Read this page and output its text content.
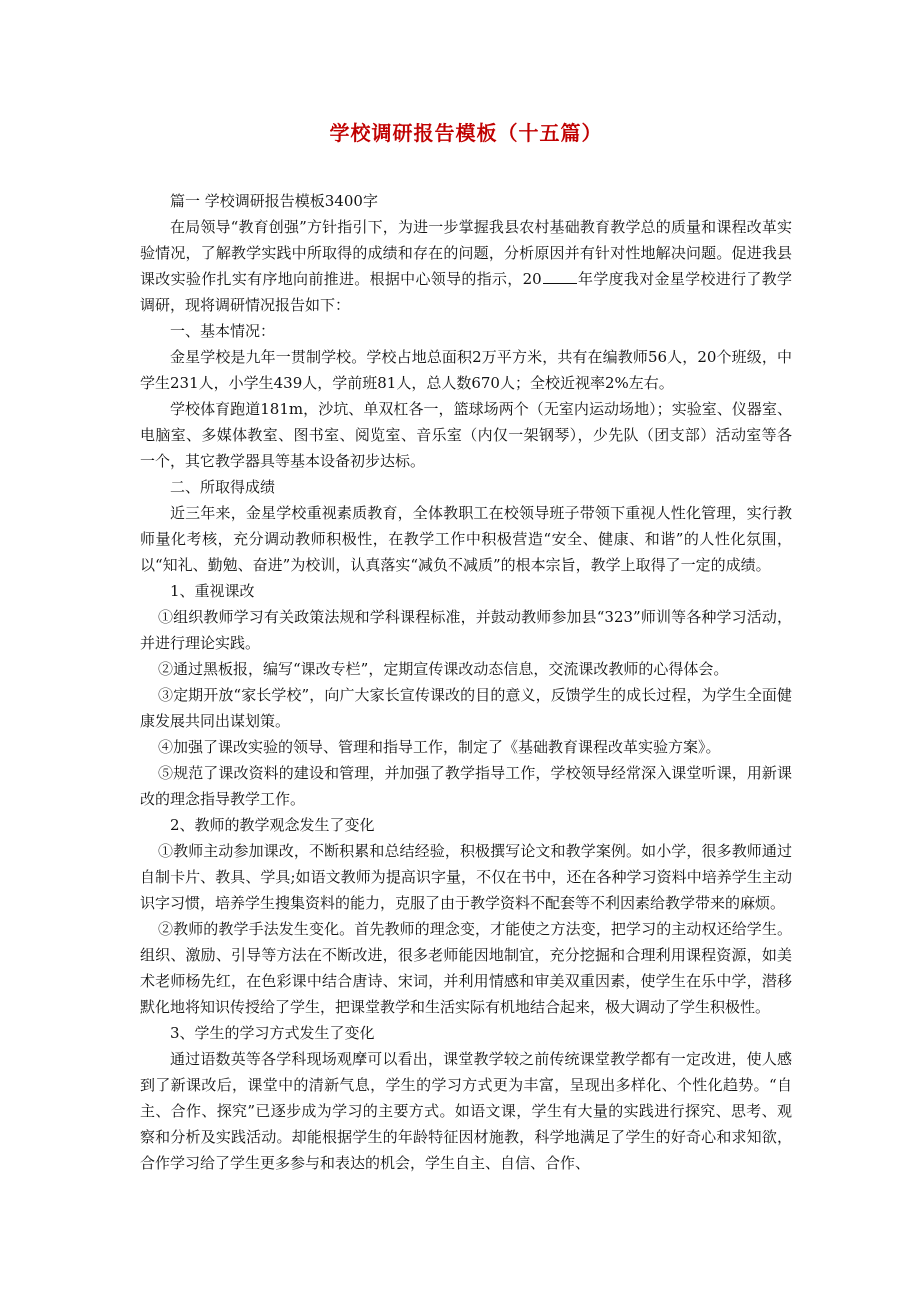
学校调研报告模板（十五篇）

篇一 学校调研报告模板3400字

在局领导“教育创强”方针指引下，为进一步掌握我县农村基础教育教学总的质量和课程改革实验情况，了解教学实践中所取得的成绩和存在的问题，分析原因并有针对性地解决问题。促进我县课改实验作扎实有序地向前推进。根据中心领导的指示，20 年学度我对金星学校进行了教学调研，现将调研情况报告如下：

一、基本情况：

金星学校是九年一贯制学校。学校占地总面积2万平方米，共有在编教师56人，20个班级，中学生231人，小学生439人，学前班81人，总人数670人；全校近视率2%左右。

学校体育跑道181m，沙坑、单双杠各一，篮球场两个（无室内运动场地）；实验室、仪器室、电脑室、多媒体教室、图书室、阅览室、音乐室（内仅一架钢琴），少先队（团支部）活动室等各一个，其它教学器具等基本设备初步达标。

二、所取得成绩

近三年来，金星学校重视素质教育，全体教职工在校领导班子带领下重视人性化管理，实行教师量化考核，充分调动教师积极性，在教学工作中积极营造“安全、健康、和谐”的人性化氛围，以“知礼、勤勉、奋进”为校训，认真落实“减负不减质”的根本宗旨，教学上取得了一定的成绩。

1、重视课改

①组织教师学习有关政策法规和学科课程标准，并鼓动教师参加县“323”师训等各种学习活动，并进行理论实践。

②通过黑板报，编写“课改专栏”，定期宣传课改动态信息，交流课改教师的心得体会。

③定期开放“家长学校”，向广大家长宣传课改的目的意义，反馈学生的成长过程，为学生全面健康发展共同出谋划策。

④加强了课改实验的领导、管理和指导工作，制定了《基础教育课程改革实验方案》。

⑤规范了课改资料的建设和管理，并加强了教学指导工作，学校领导经常深入课堂听课，用新课改的理念指导教学工作。

2、教师的教学观念发生了变化

①教师主动参加课改，不断积累和总结经验，积极撰写论文和教学案例。如小学，很多教师通过自制卡片、教具、学具;如语文教师为提高识字量，不仅在书中，还在各种学习资料中培养学生主动识字习惯，培养学生搜集资料的能力，克服了由于教学资料不配套等不利因素给教学带来的麻烦。

②教师的教学手法发生变化。首先教师的理念变，才能使之方法变，把学习的主动权还给学生。组织、激励、引导等方法在不断改进，很多老师能因地制宜，充分挖掘和合理利用课程资源，如美术老师杨先红，在色彩课中结合唐诗、宋词，并利用情感和审美双重因素，使学生在乐中学，潜移默化地将知识传授给了学生，把课堂教学和生活实际有机地结合起来，极大调动了学生积极性。

3、学生的学习方式发生了变化

通过语数英等各学科现场观摩可以看出，课堂教学较之前传统课堂教学都有一定改进，使人感到了新课改后，课堂中的清新气息，学生的学习方式更为丰富，呈现出多样化、个性化趋势。“自主、合作、探究”已逐步成为学习的主要方式。如语文课，学生有大量的实践进行探究、思考、观察和分析及实践活动。却能根据学生的年龄特征因材施教，科学地满足了学生的好奇心和求知欲，合作学习给了学生更多参与和表达的机会，学生自主、自信、合作、
